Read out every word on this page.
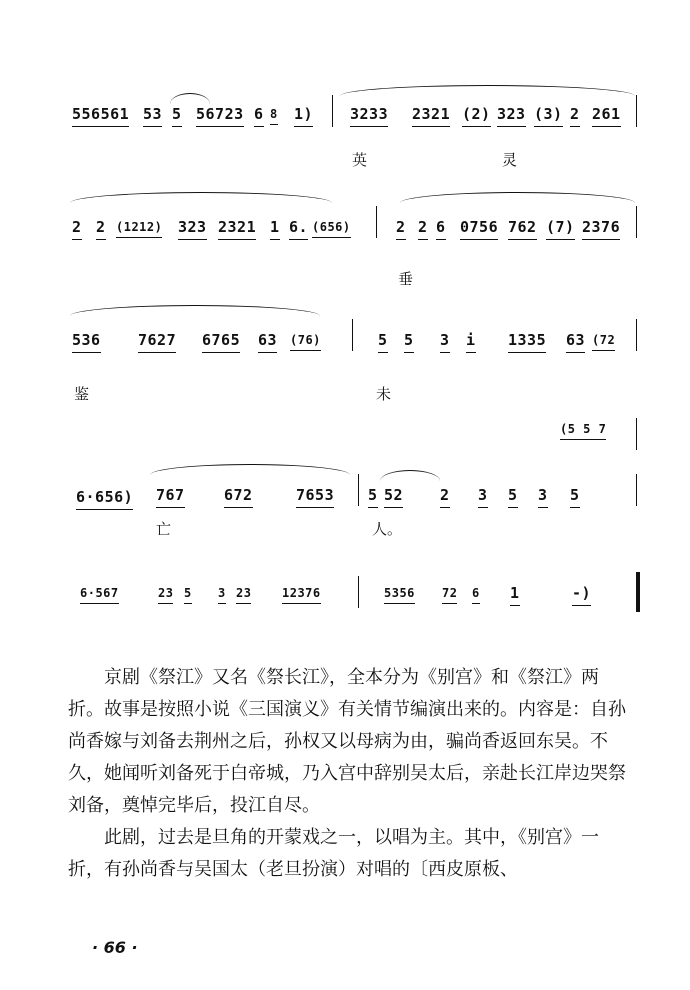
556561 53 5 56723 6 8 1) 3233 2321 (2) 323 (3) 2 261
英	灵
2 2 (1212) 323 2321 1 6. (656)	2 2 6 0756 762 (7) 2376
垂
536 7627 6765 63 (76)	5 5 3 i 1335 63 (72
鉴	未
(5 5 7
6·656) 767	672	7653 5 52 2 3 5 3 5
亡	人。
6·567	23 5 3 23	12376	5356 72 6 1	-)

京剧《祭江》又名《祭长江》，全本分为《别宫》和《祭江》两折。故事是按照小说《三国演义》有关情节编演出来的。内容是：自孙尚香嫁与刘备去荆州之后，孙权又以母病为由，骗尚香返回东吴。不久，她闻听刘备死于白帝城，乃入宫中辞别吴太后，亲赴长江岸边哭祭刘备，奠悼完毕后，投江自尽。

此剧，过去是旦角的开蒙戏之一，以唱为主。其中，《别宫》一折，有孙尚香与吴国太（老旦扮演）对唱的〔西皮原板、

· 66 ·
